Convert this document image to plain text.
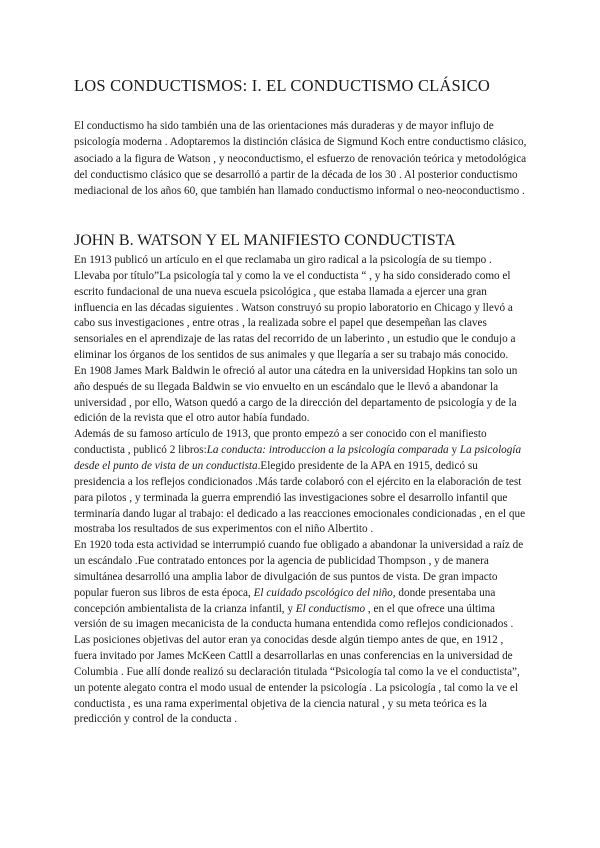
LOS CONDUCTISMOS: I. EL CONDUCTISMO CLÁSICO

El conductismo ha sido también una de las orientaciones más duraderas y de mayor influjo de psicología moderna . Adoptaremos la distinción clásica de Sigmund Koch entre conductismo clásico, asociado a la figura de Watson , y neoconductismo, el esfuerzo de renovación teórica y metodológica del conductismo clásico que se desarrolló a partir de la década de los 30 . Al posterior conductismo mediacional de los años 60, que también han llamado conductismo informal o neo-neoconductismo .

JOHN B. WATSON Y EL MANIFIESTO CONDUCTISTA

En 1913 publicó un artículo en el que reclamaba un giro radical a la psicología de su tiempo . Llevaba por título”La psicología tal y como la ve el conductista “ , y ha sido considerado como el escrito fundacional de una nueva escuela psicológica , que estaba llamada a ejercer una gran influencia en las décadas siguientes . Watson construyó su propio laboratorio en Chicago y llevó a cabo sus investigaciones , entre otras , la realizada sobre el papel que desempeñan las claves sensoriales en el aprendizaje de las ratas del recorrido de un laberinto , un estudio que le condujo a eliminar los órganos de los sentidos de sus animales y que llegaría a ser su trabajo más conocido.

En 1908 James Mark Baldwin le ofreció al autor una cátedra en la universidad Hopkins tan solo un año después de su llegada Baldwin se vio envuelto en un escándalo que le llevó a abandonar la universidad , por ello, Watson quedó a cargo de la dirección del departamento de psicología y de la edición de la revista que el otro autor había fundado.

Además de su famoso artículo de 1913, que pronto empezó a ser conocido con el manifiesto conductista , publicó 2 libros:La conducta: introduccion a la psicología comparada y La psicología desde el punto de vista de un conductista.Elegido presidente de la APA en 1915, dedicó su presidencia a los reflejos condicionados .Más tarde colaboró con el ejército en la elaboración de test para pilotos , y terminada la guerra emprendió las investigaciones sobre el desarrollo infantil que terminaría dando lugar al trabajo: el dedicado a las reacciones emocionales condicionadas , en el que mostraba los resultados de sus experimentos con el niño Albertito .

En 1920 toda esta actividad se interrumpió cuando fue obligado a abandonar la universidad a raíz de un escándalo .Fue contratado entonces por la agencia de publicidad Thompson , y de manera simultánea desarrolló una amplia labor de divulgación de sus puntos de vista. De gran impacto popular fueron sus libros de esta época, El cuidado pscológico del niño, donde presentaba una concepción ambientalista de la crianza infantil, y El conductismo , en el que ofrece una última versión de su imagen mecanicista de la conducta humana entendida como reflejos condicionados .

Las posiciones objetivas del autor eran ya conocidas desde algún tiempo antes de que, en 1912 , fuera invitado por James McKeen Cattll a desarrollarlas en unas conferencias en la universidad de Columbia . Fue allí donde realizó su declaración titulada “Psicología tal como la ve el conductista”, un potente alegato contra el modo usual de entender la psicología . La psicología , tal como la ve el conductista , es una rama experimental objetiva de la ciencia natural , y su meta teórica es la predicción y control de la conducta .
